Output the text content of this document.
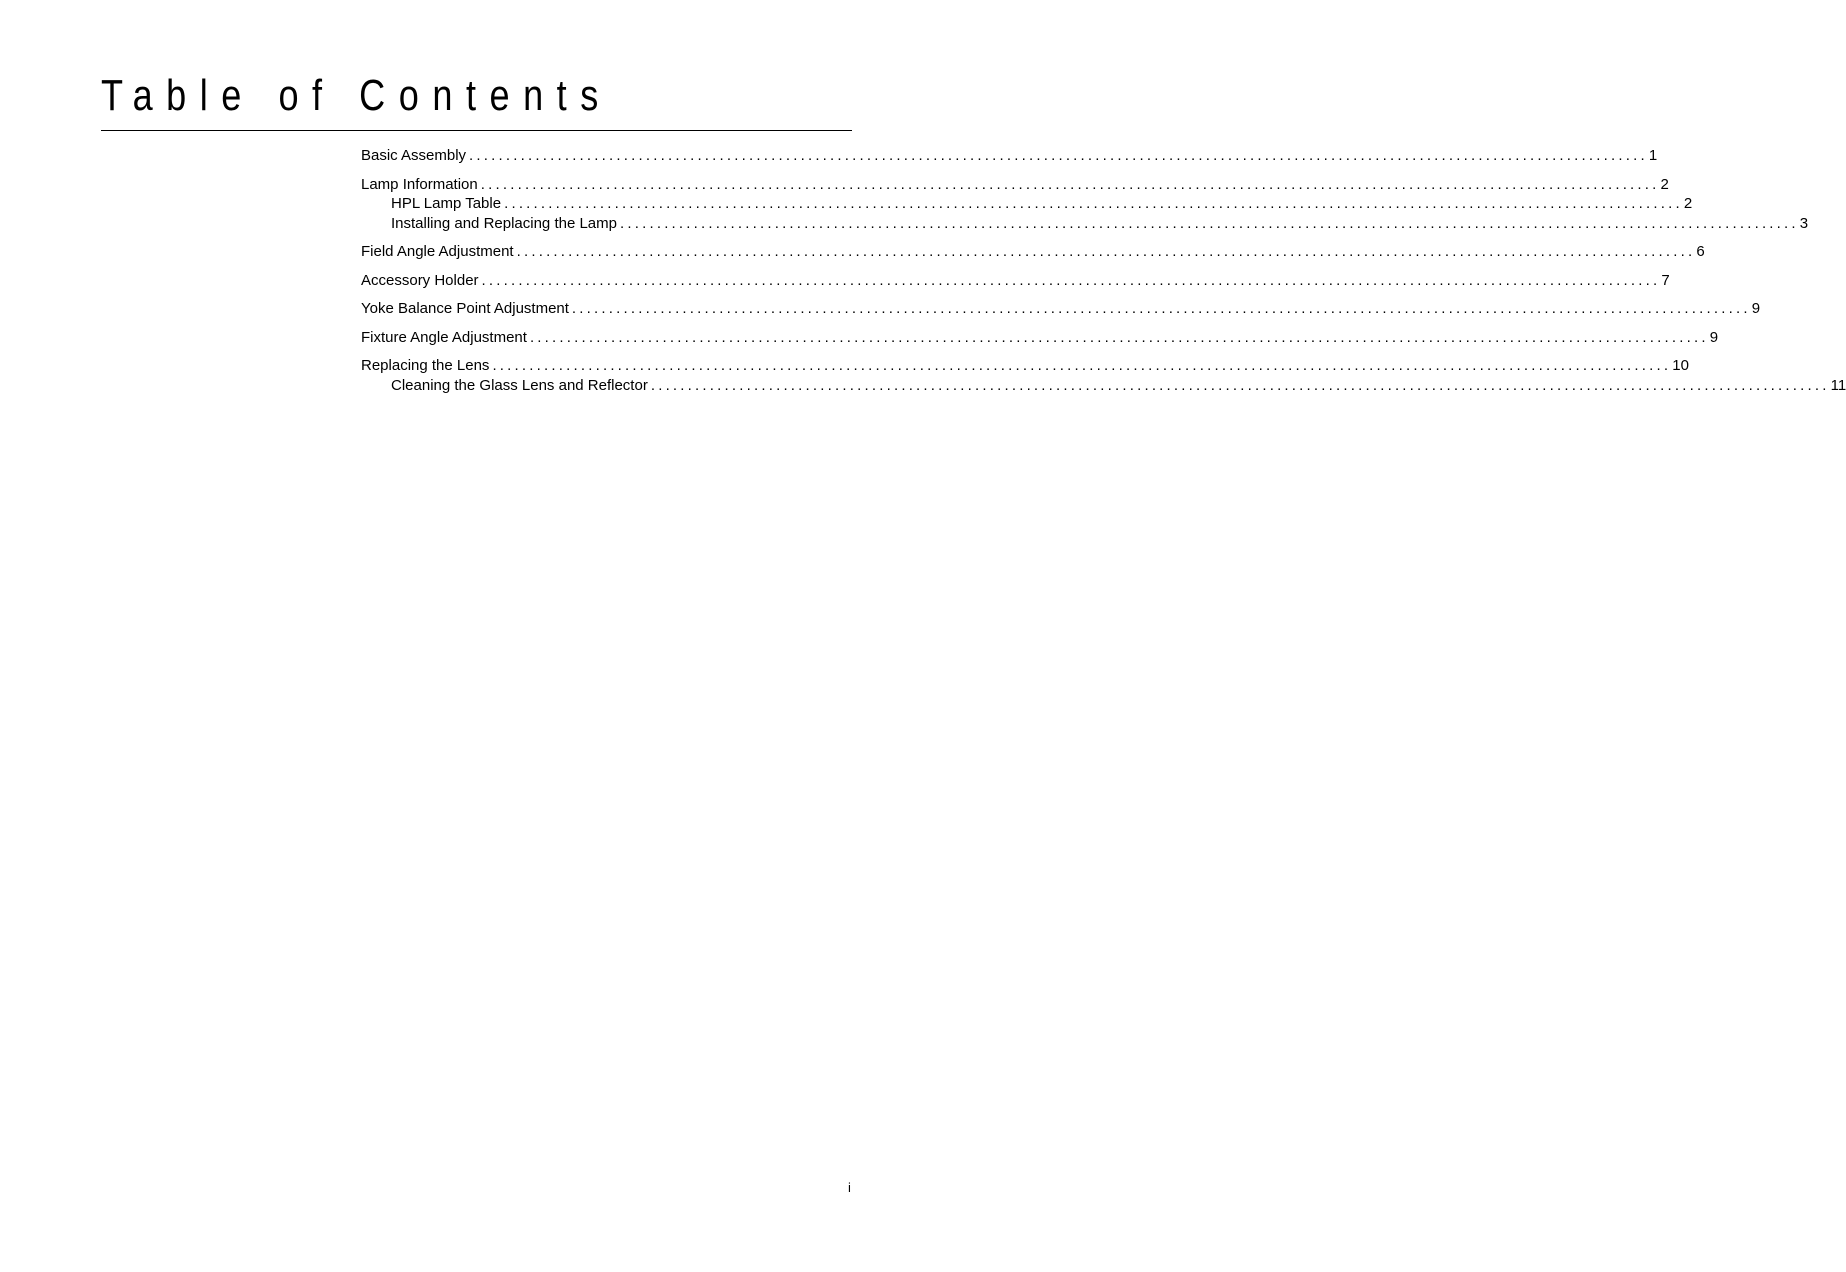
Table of Contents
Basic Assembly ................................................................................................................................................................ 1
Lamp Information ................................................................................................................................................................ 2
HPL Lamp Table ................................................................................................................................................................ 2
Installing and Replacing the Lamp ................................................................................................................................................................ 3
Field Angle Adjustment ................................................................................................................................................................ 6
Accessory Holder ................................................................................................................................................................ 7
Yoke Balance Point Adjustment ................................................................................................................................................................ 9
Fixture Angle Adjustment ................................................................................................................................................................ 9
Replacing the Lens ................................................................................................................................................................ 10
Cleaning the Glass Lens and Reflector ................................................................................................................................................................ 11
i
